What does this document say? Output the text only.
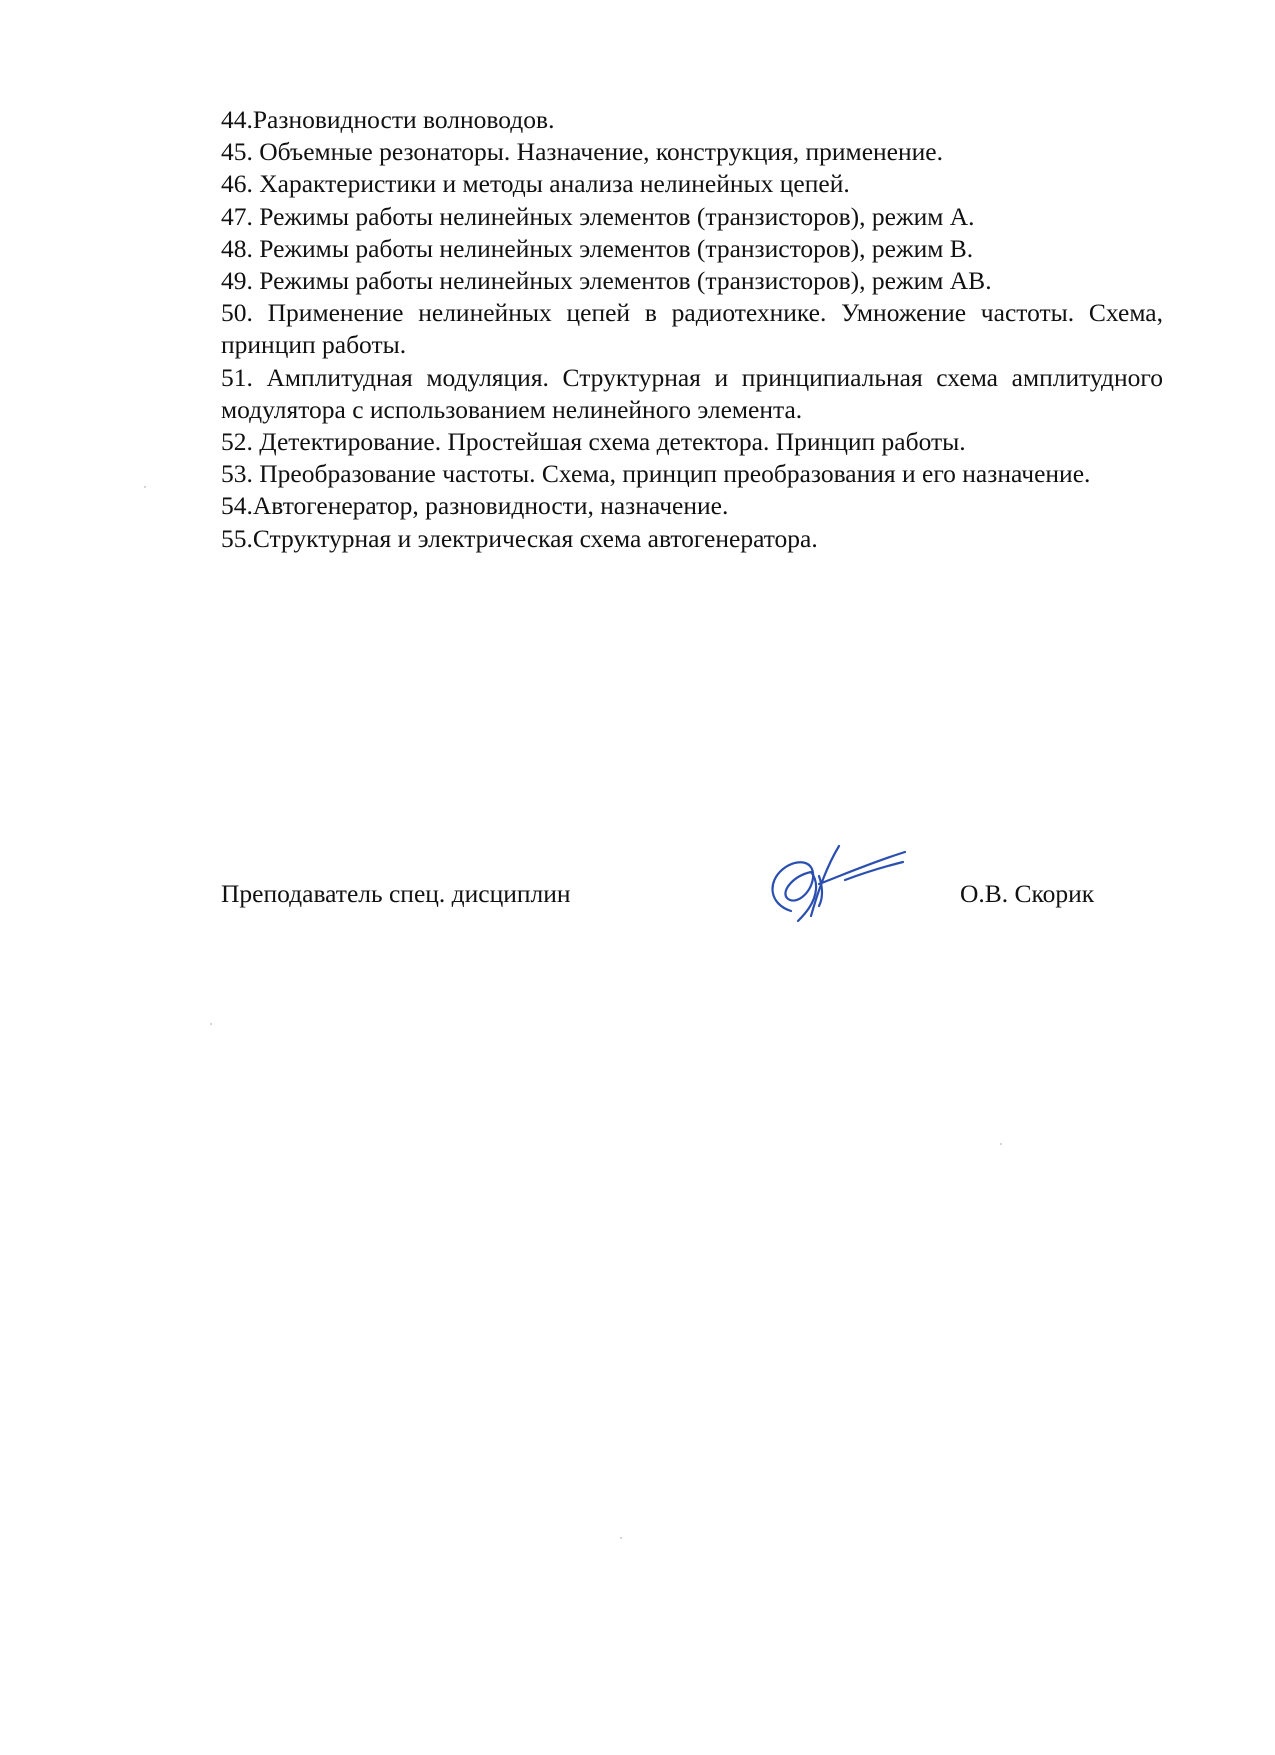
44.Разновидности волноводов.
45. Объемные резонаторы. Назначение, конструкция, применение.
46. Характеристики и методы анализа нелинейных цепей.
47. Режимы работы нелинейных элементов (транзисторов), режим А.
48. Режимы работы нелинейных элементов (транзисторов), режим В.
49. Режимы работы нелинейных элементов (транзисторов), режим АВ.
50. Применение нелинейных цепей в радиотехнике. Умножение частоты. Схема, принцип работы.
51. Амплитудная модуляция. Структурная и принципиальная схема амплитудного модулятора с использованием нелинейного элемента.
52. Детектирование. Простейшая схема детектора. Принцип работы.
53. Преобразование частоты. Схема, принцип преобразования и его назначение.
54.Автогенератор, разновидности, назначение.
55.Структурная и электрическая схема автогенератора.
Преподаватель спец. дисциплин	О.В. Скорик
